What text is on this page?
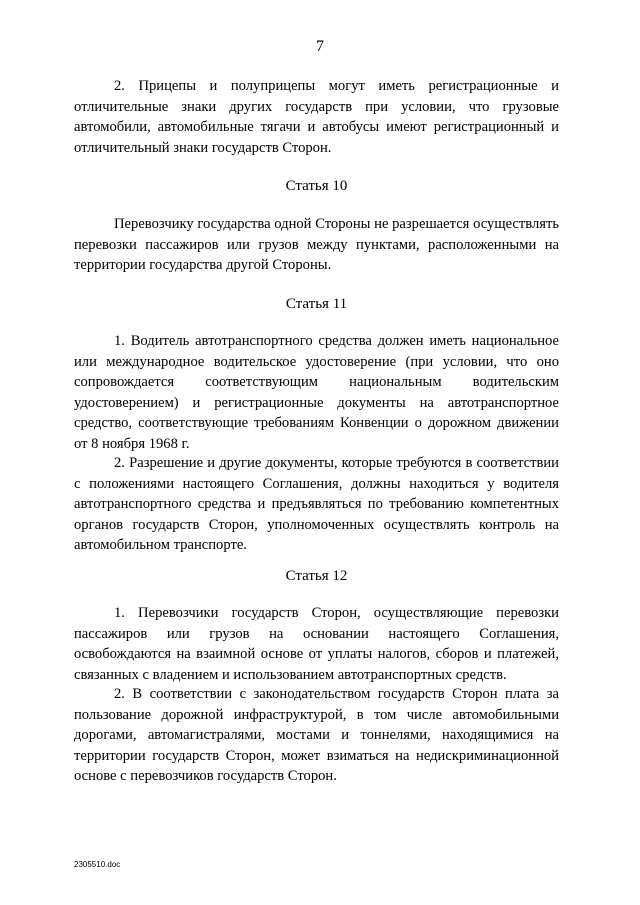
7

2. Прицепы и полуприцепы могут иметь регистрационные и отличительные знаки других государств при условии, что грузовые автомобили, автомобильные тягачи и автобусы имеют регистрационный и отличительный знаки государств Сторон.

Статья 10

Перевозчику государства одной Стороны не разрешается осуществлять перевозки пассажиров или грузов между пунктами, расположенными на территории государства другой Стороны.

Статья 11

1. Водитель автотранспортного средства должен иметь национальное или международное водительское удостоверение (при условии, что оно сопровождается соответствующим национальным водительским удостоверением) и регистрационные документы на автотранспортное средство, соответствующие требованиям Конвенции о дорожном движении от 8 ноября 1968 г.

2. Разрешение и другие документы, которые требуются в соответствии с положениями настоящего Соглашения, должны находиться у водителя автотранспортного средства и предъявляться по требованию компетентных органов государств Сторон, уполномоченных осуществлять контроль на автомобильном транспорте.

Статья 12

1. Перевозчики государств Сторон, осуществляющие перевозки пассажиров или грузов на основании настоящего Соглашения, освобождаются на взаимной основе от уплаты налогов, сборов и платежей, связанных с владением и использованием автотранспортных средств.

2. В соответствии с законодательством государств Сторон плата за пользование дорожной инфраструктурой, в том числе автомобильными дорогами, автомагистралями, мостами и тоннелями, находящимися на территории государств Сторон, может взиматься на недискриминационной основе с перевозчиков государств Сторон.

2305510.doc
